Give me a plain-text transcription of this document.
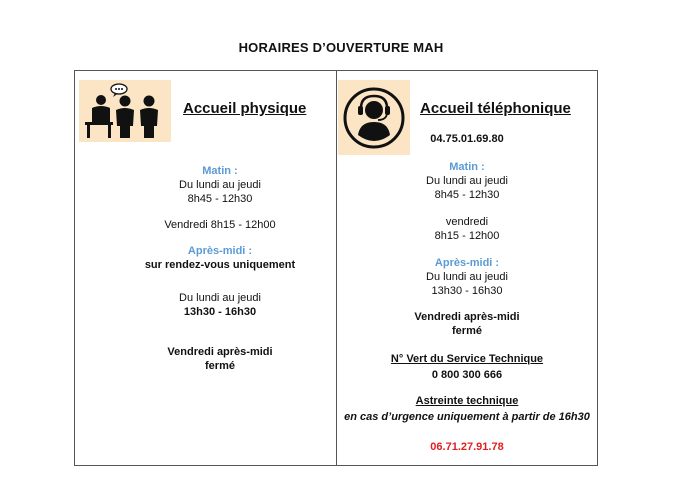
HORAIRES D’OUVERTURE MAH
Accueil physique	Accueil téléphonique
Matin :
Du lundi au jeudi
8h45 - 12h30
Vendredi 8h15 - 12h00
Après-midi :
sur rendez-vous uniquement
Du lundi au jeudi
13h30 - 16h30
Vendredi après-midi
fermé
04.75.01.69.80
Matin :
Du lundi au jeudi
8h45 - 12h30
vendredi
8h15 - 12h00
Après-midi :
Du lundi au jeudi
13h30 - 16h30
Vendredi après-midi
fermé
N° Vert du Service Technique
0 800 300 666
Astreinte technique
en cas d’urgence uniquement à partir de 16h30
06.71.27.91.78
